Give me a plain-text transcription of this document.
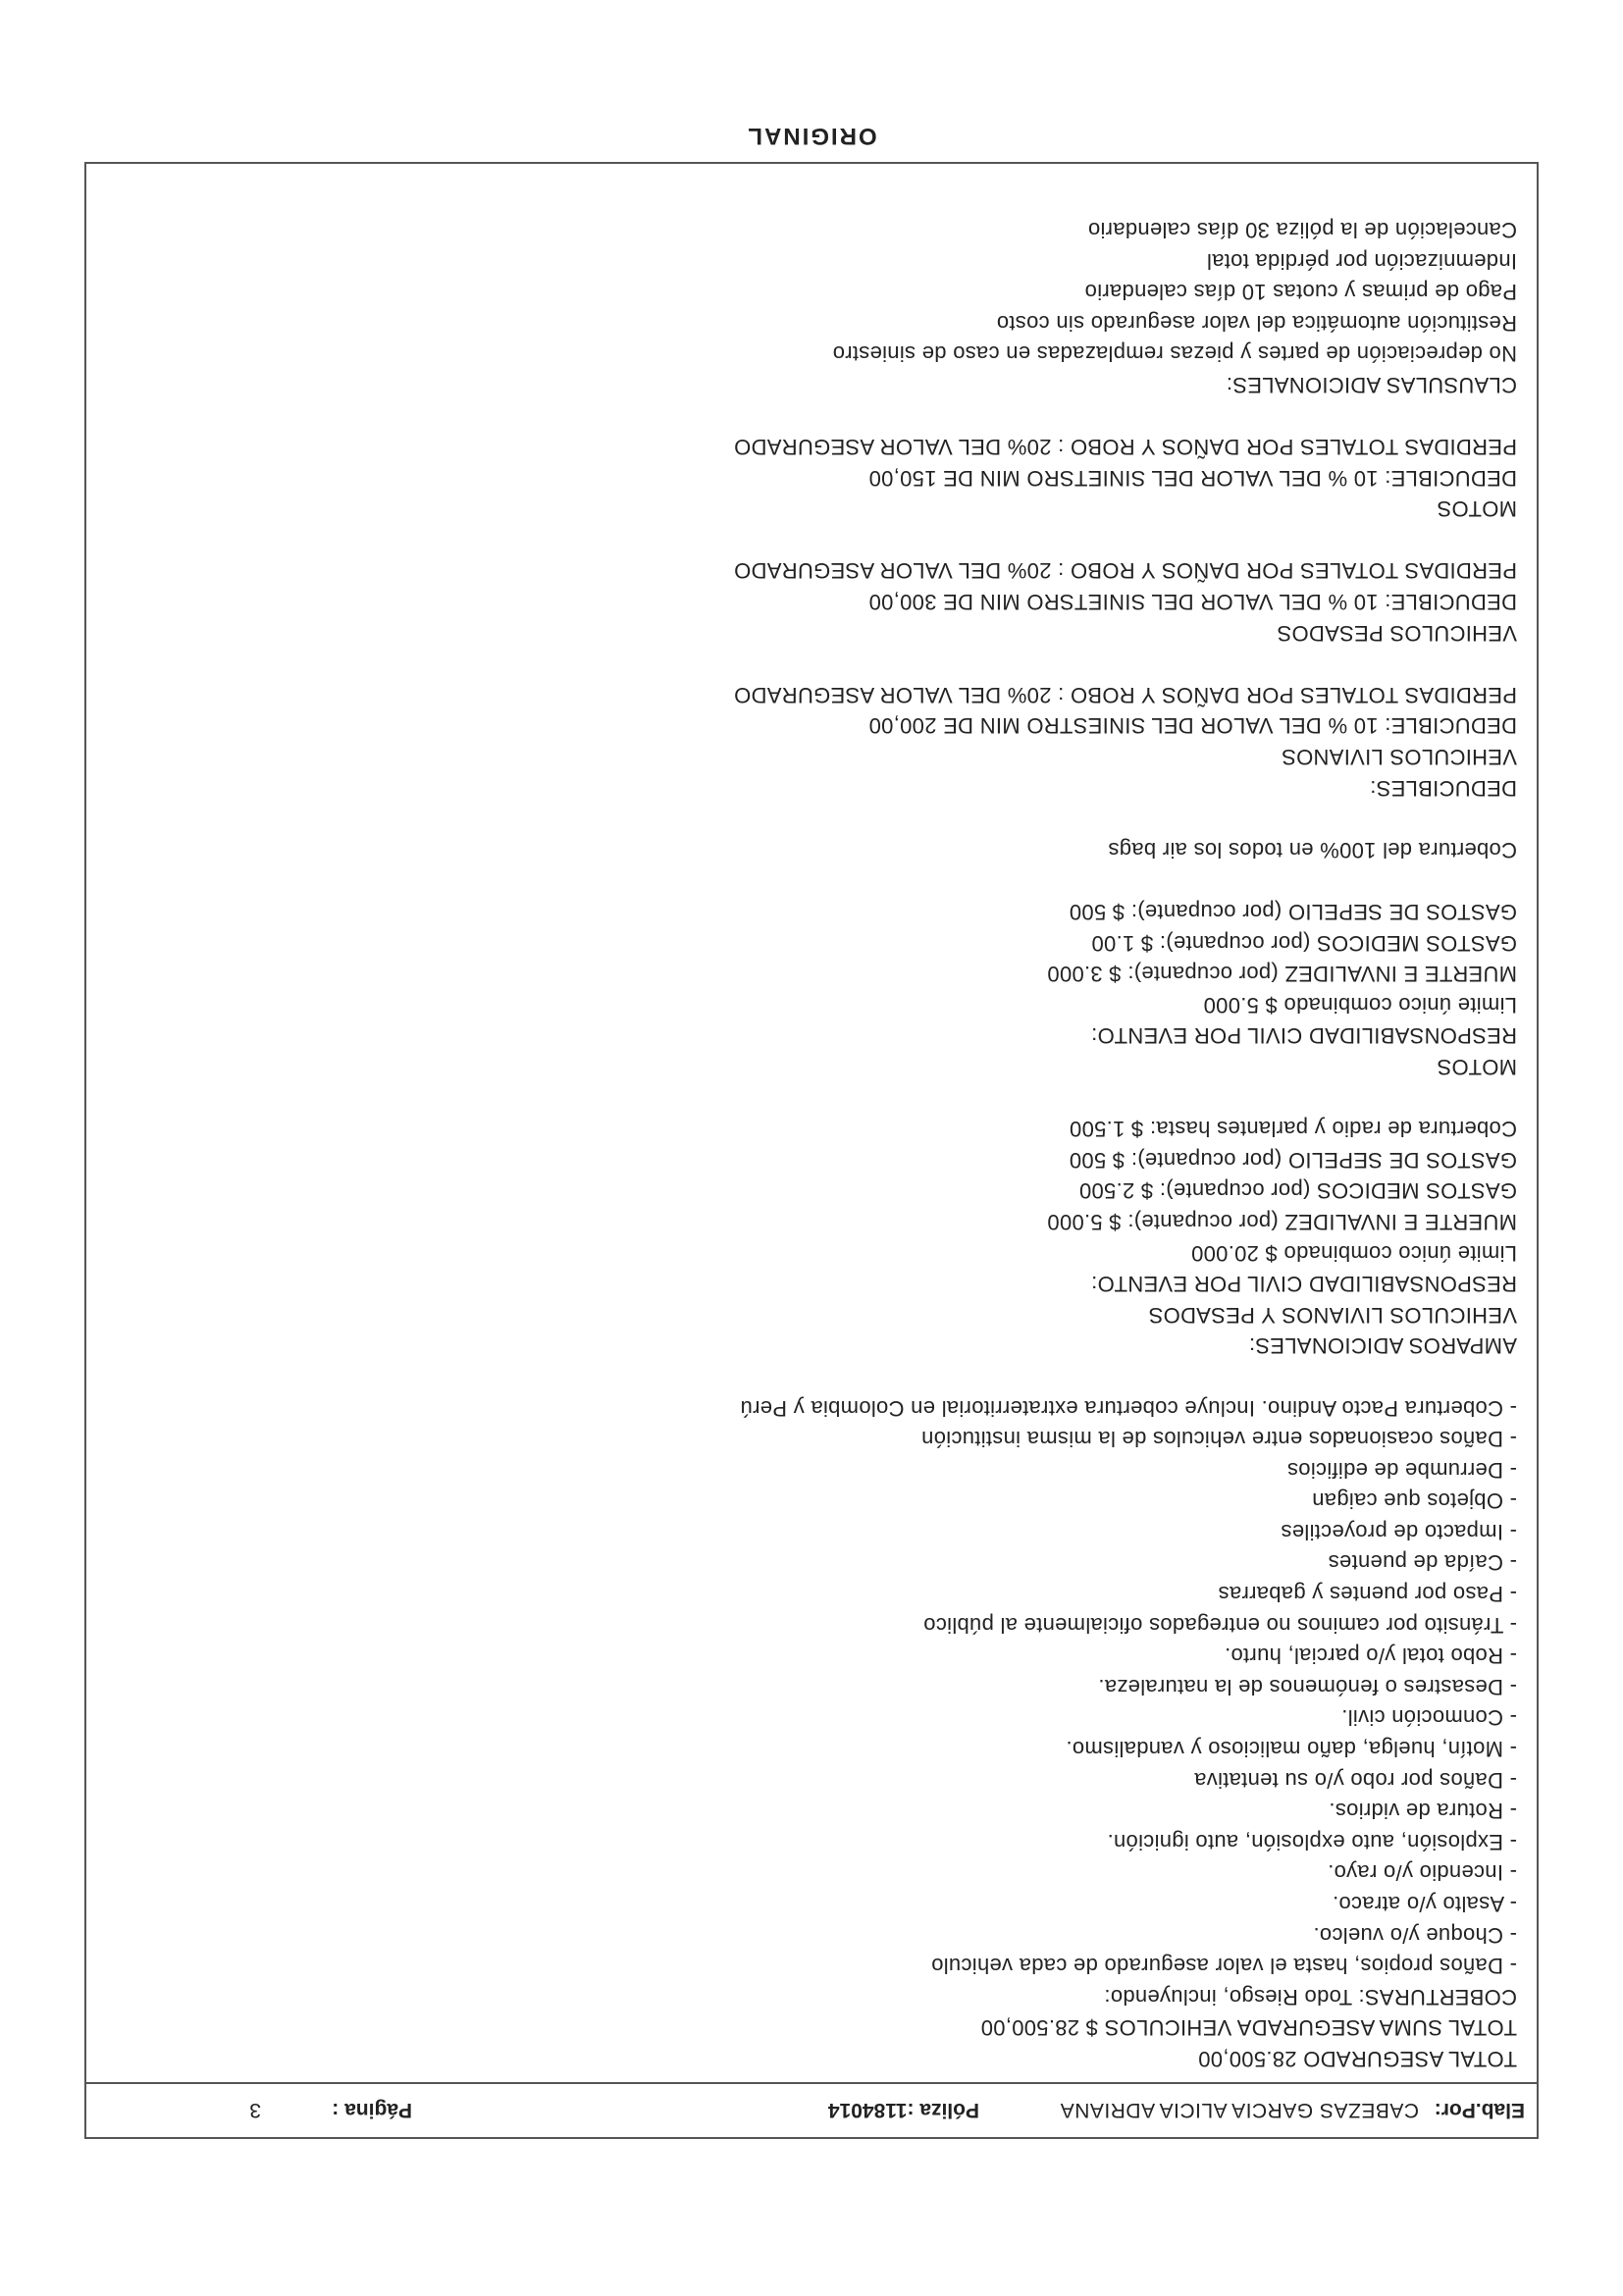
Elab.Por:
CABEZAS GARCIA ALICIA ADRIANA
Póliza :1184014
Página :
3
TOTAL ASEGURADO 28.500,00
TOTAL SUMA ASEGURADA VEHICULOS $ 28.500,00
COBERTURAS: Todo Riesgo, incluyendo:
- Daños propios, hasta el valor asegurado de cada vehiculo
- Choque y/o vuelco.
- Asalto y/o atraco.
- Incendio y/o rayo.
- Explosión, auto explosión, auto ignición.
- Rotura de vidrios.
- Daños por robo y/o su tentativa
- Motín, huelga, daño malicioso y vandalismo.
- Conmoción civil.
- Desastres o fenómenos de la naturaleza.
- Robo total y/o parcial, hurto.
- Tránsito por caminos no entregados oficialmente al público
- Paso por puentes y gabarras
- Caída de puentes
- Impacto de proyectiles
- Objetos que caigan
- Derrumbe de edificios
- Daños ocasionados entre vehiculos de la misma institución
- Cobertura Pacto Andino. Incluye cobertura extraterritorial en Colombia y Perú
AMPAROS ADICIONALES:
VEHICULOS LIVIANOS Y PESADOS
RESPONSABILIDAD CIVIL POR EVENTO:
Limite único combinado $ 20.000
MUERTE E INVALIDEZ (por ocupante): $ 5.000
GASTOS MEDICOS (por ocupante): $ 2.500
GASTOS DE SEPELIO (por ocupante): $ 500
Cobertura de radio y parlantes hasta: $ 1.500
MOTOS
RESPONSABILIDAD CIVIL POR EVENTO:
Limite único combinado $ 5.000
MUERTE E INVALIDEZ (por ocupante): $ 3.000
GASTOS MEDICOS (por ocupante): $ 1.00
GASTOS DE SEPELIO (por ocupante): $ 500
Cobertura del 100% en todos los air bags
DEDUCIBLES:
VEHICULOS LIVIANOS
DEDUCIBLE: 10 % DEL VALOR DEL SINIESTRO MIN DE 200,00
PERDIDAS TOTALES POR DAÑOS Y ROBO : 20% DEL VALOR ASEGURADO
VEHICULOS PESADOS
DEDUCIBLE: 10 % DEL VALOR DEL SINIETSRO MIN DE 300,00
PERDIDAS TOTALES POR DAÑOS Y ROBO : 20% DEL VALOR ASEGURADO
MOTOS
DEDUCIBLE: 10 % DEL VALOR DEL SINIETSRO MIN DE 150,00
PERDIDAS TOTALES POR DAÑOS Y ROBO : 20% DEL VALOR ASEGURADO
CLAUSULAS ADICIONALES:
No depreciación de partes y piezas remplazadas en caso de siniestro
Restitución automática del valor asegurado sin costo
Pago de primas y cuotas 10 días calendario
Indemnización por pérdida total
Cancelación de la póliza 30 días calendario
ORIGINAL
